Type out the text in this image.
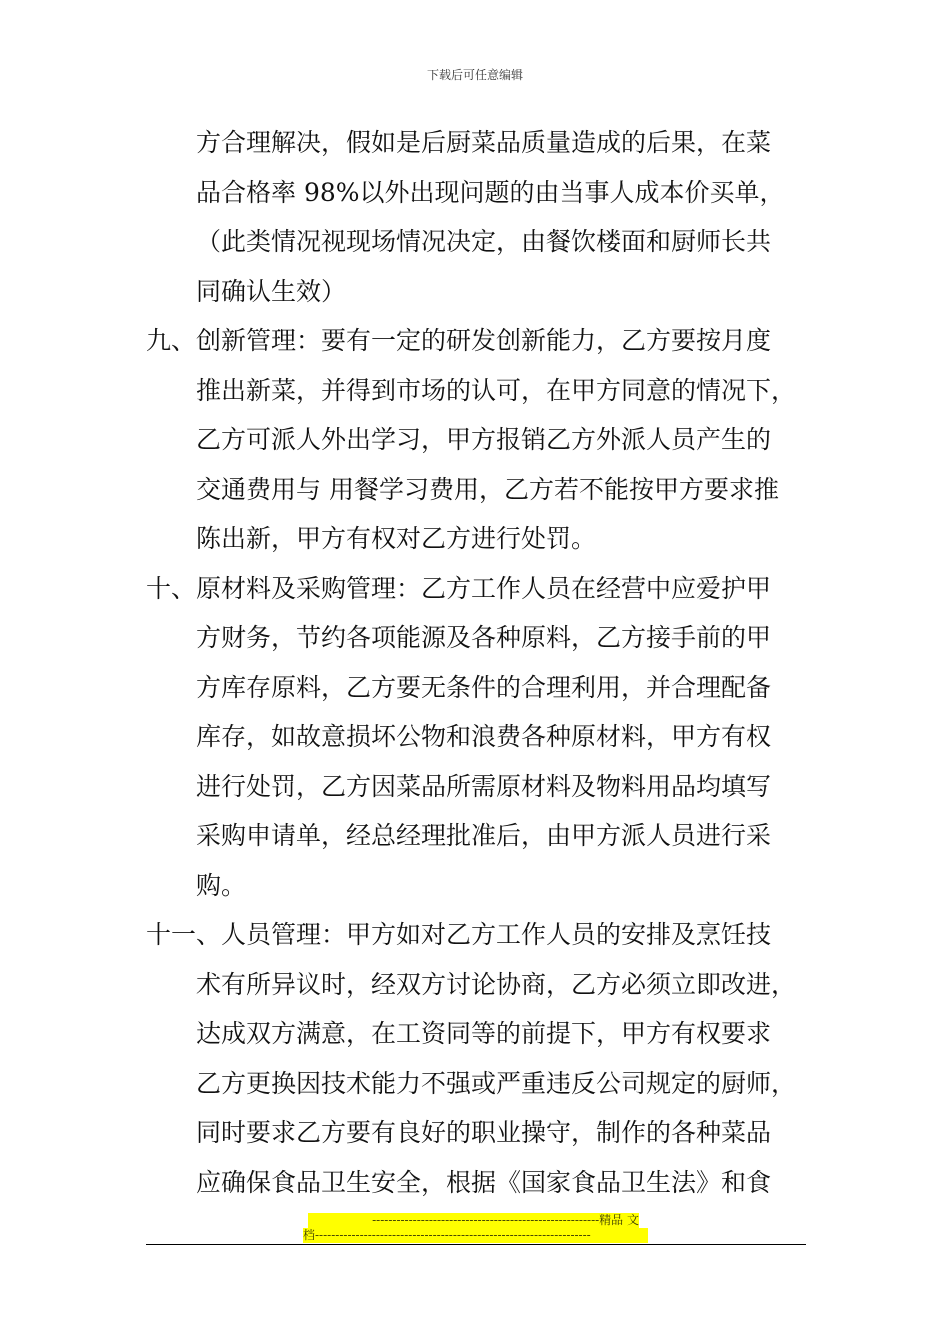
下载后可任意编辑
方合理解决，假如是后厨菜品质量造成的后果，在菜
品合格率 98%以外出现问题的由当事人成本价买单，
（此类情况视现场情况决定，由餐饮楼面和厨师长共
同确认生效）
九、创新管理：要有一定的研发创新能力，乙方要按月度
推出新菜，并得到市场的认可，在甲方同意的情况下，
乙方可派人外出学习，甲方报销乙方外派人员产生的
交通费用与 用餐学习费用，乙方若不能按甲方要求推
陈出新，甲方有权对乙方进行处罚。
十、原材料及采购管理：乙方工作人员在经营中应爱护甲
方财务，节约各项能源及各种原料，乙方接手前的甲
方库存原料，乙方要无条件的合理利用，并合理配备
库存，如故意损坏公物和浪费各种原材料，甲方有权
进行处罚，乙方因菜品所需原材料及物料用品均填写
采购申请单，经总经理批准后，由甲方派人员进行采
购。
十一、人员管理：甲方如对乙方工作人员的安排及烹饪技
术有所异议时，经双方讨论协商，乙方必须立即改进，
达成双方满意，在工资同等的前提下，甲方有权要求
乙方更换因技术能力不强或严重违反公司规定的厨师，
同时要求乙方要有良好的职业操守，制作的各种菜品
应确保食品卫生安全，根据《国家食品卫生法》和食
--------------------------------------------------------精品 文
档--------------------------------------------------------------------
